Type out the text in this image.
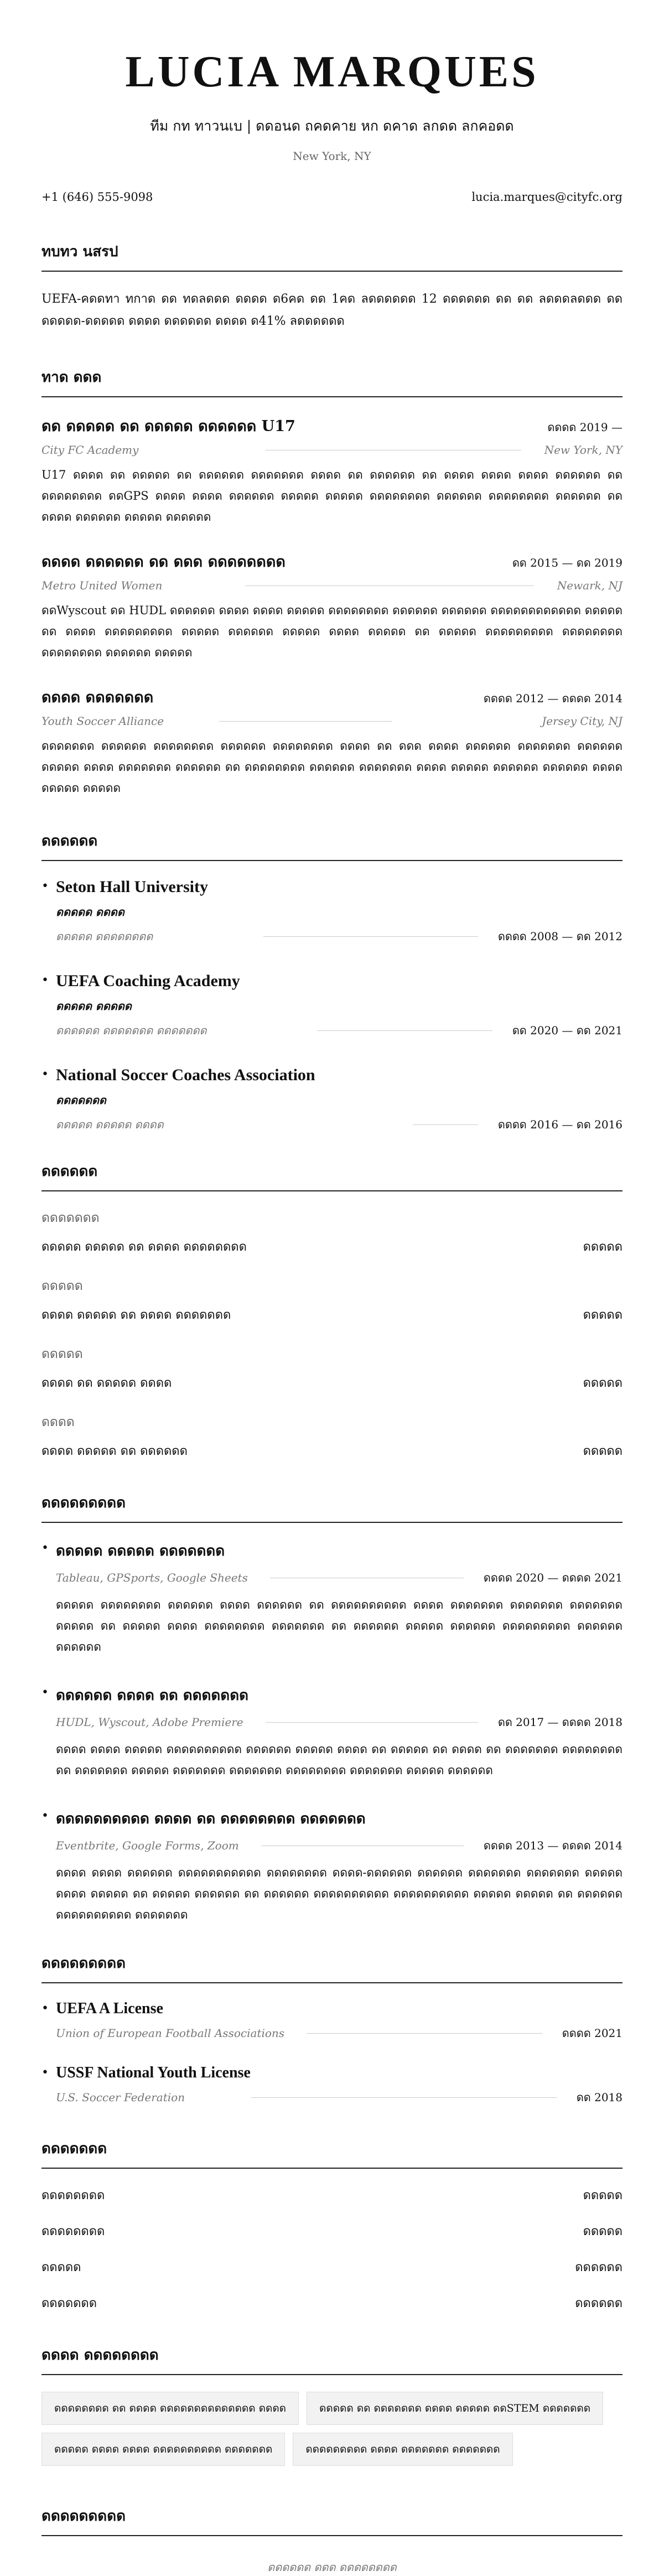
LUCIA MARQUES
ทีม กท ทาวนเบ | ดดอนด ถคดคาย หก ดคาด ลกดด ลกคอดด
New York, NY
+1 (646) 555-9098	lucia.marques@cityfc.org
ทบทว นสรป
UEFA-คดดทา ทกาด ดด ทดลดดด ดดดด ด6คด ดด 1คด ลดดดดดด 12 ดดดดดด ดด ดด ลดดดลดดด ดด ดดดดด-ดดดดด ดดดด ดดดดดด ดดดด ด41% ลดดดดดด
ทาด ดดด
ดด ดดดดด ดด ดดดดด ดดดดดด U17	ดดดด 2019 —
City FC Academy	New York, NY
U17 ดดดด ดด ดดดดด ดด ดดดดดด ดดดดดดด ดดดด ดด ดดดดดด ดด ดดดด ดดดด ดดดด ดดดดดด ดด ดดดดดดดด ดดGPS ดดดด ดดดด ดดดดดด ดดดดด ดดดดด ดดดดดดดด ดดดดดด ดดดดดดดด ดดดดดด ดด ดดดด ดดดดดด ดดดดด ดดดดดด
ดดดด ดดดดดด ดด ดดด ดดดดดดดด	ดด 2015 — ดด 2019
Metro United Women	Newark, NJ
ดดWyscout ดด HUDL ดดดดดด ดดดด ดดดด ดดดดด ดดดดดดดด ดดดดดด ดดดดดด ดดดดดดดดดดดด ดดดดด ดด ดดดด ดดดดดดดดด ดดดดด ดดดดดด ดดดดด ดดดด ดดดดด ดด ดดดดด ดดดดดดดดด ดดดดดดดด ดดดดดดดด ดดดดดด ดดดดด
ดดดด ดดดดดดด	ดดดด 2012 — ดดดด 2014
Youth Soccer Alliance	Jersey City, NJ
ดดดดดดด ดดดดดด ดดดดดดดด ดดดดดด ดดดดดดดด ดดดด ดด ดดด ดดดด ดดดดดด ดดดดดดด ดดดดดด ดดดดด ดดดด ดดดดดดด ดดดดดด ดด ดดดดดดดด ดดดดดด ดดดดดดด ดดดด ดดดดด ดดดดดด ดดดดดด ดดดด ดดดดด ดดดดด
ดดดดดด
• Seton Hall University
ดดดดด ดดดด
ดดดดด ดดดดดดดด	ดดดด 2008 — ดด 2012
• UEFA Coaching Academy
ดดดดด ดดดดด
ดดดดดด ดดดดดดด ดดดดดดด	ดด 2020 — ดด 2021
• National Soccer Coaches Association
ดดดดดดด
ดดดดด ดดดดด ดดดด	ดดดด 2016 — ดด 2016
ดดดดดด
ดดดดดดด
ดดดดด ดดดดด ดด ดดดด ดดดดดดดด	ดดดดด
ดดดดด
ดดดด ดดดดด ดด ดดดด ดดดดดดด	ดดดดด
ดดดดด
ดดดด ดด ดดดดด ดดดด	ดดดดด
ดดดด
ดดดด ดดดดด ดด ดดดดดด	ดดดดด
ดดดดดดดดด
• ดดดดด ดดดดด ดดดดดดด
Tableau, GPSports, Google Sheets	ดดดด 2020 — ดดดด 2021
ดดดดด ดดดดดดดด ดดดดดด ดดดด ดดดดดด ดด ดดดดดดดดดด ดดดด ดดดดดดด ดดดดดดด ดดดดดดด ดดดดด ดด ดดดดด ดดดด ดดดดดดดด ดดดดดดด ดด ดดดดดด ดดดดด ดดดดดด ดดดดดดดดด ดดดดดด ดดดดดด
• ดดดดดด ดดดด ดด ดดดดดดด
HUDL, Wyscout, Adobe Premiere	ดด 2017 — ดดดด 2018
ดดดด ดดดด ดดดดด ดดดดดดดดดด ดดดดดด ดดดดด ดดดด ดด ดดดดด ดด ดดดด ดด ดดดดดดด ดดดดดดดด ดด ดดดดดดด ดดดดด ดดดดดดด ดดดดดดด ดดดดดดดด ดดดดดดด ดดดดด ดดดดดด
• ดดดดดดดดดด ดดดด ดด ดดดดดดดด ดดดดดดด
Eventbrite, Google Forms, Zoom	ดดดด 2013 — ดดดด 2014
ดดดด ดดดด ดดดดดด ดดดดดดดดดดด ดดดดดดดด ดดดด-ดดดดดด ดดดดดด ดดดดดดด ดดดดดดด ดดดดด ดดดด ดดดดด ดด ดดดดด ดดดดดด ดด ดดดดดด ดดดดดดดดดด ดดดดดดดดดด ดดดดด ดดดดด ดด ดดดดดด ดดดดดดดดดด ดดดดดดด
ดดดดดดดดด
• UEFA A License
Union of European Football Associations	ดดดด 2021
• USSF National Youth License
U.S. Soccer Federation	ดด 2018
ดดดดดดด
ดดดดดดดด	ดดดดด
ดดดดดดดด	ดดดดด
ดดดดด	ดดดดดด
ดดดดดดด	ดดดดดด
ดดดด ดดดดดดดด
ดดดดดดดด ดด ดดดด ดดดดดดดดดดดดดด ดดดด	ดดดดด ดด ดดดดดดด ดดดด ดดดดด ดดSTEM ดดดดดดด
ดดดดด ดดดด ดดดด ดดดดดดดดดด ดดดดดดด	ดดดดดดดดด ดดดด ดดดดดดด ดดดดดดด
ดดดดดดดดด
ดดดดดด ดดด ดดดดดดดด
